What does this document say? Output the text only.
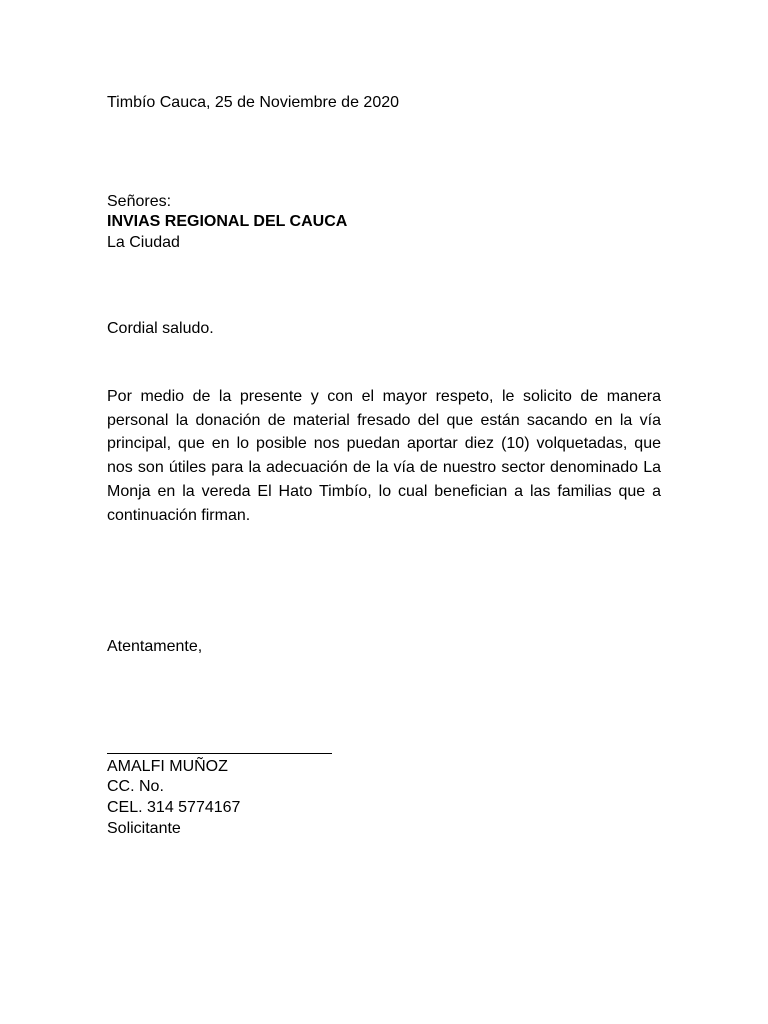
Timbío Cauca, 25 de Noviembre de 2020

Señores:

INVIAS REGIONAL DEL CAUCA

La Ciudad

Cordial saludo.

Por medio de la presente y con el mayor respeto, le solicito de manera personal la donación de material fresado del que están sacando en la vía principal, que en lo posible nos puedan aportar diez (10) volquetadas, que nos son útiles para la adecuación de la vía de nuestro sector denominado La Monja en la vereda El Hato Timbío, lo cual benefician a las familias que a continuación firman.

Atentamente,

AMALFI MUÑOZ

CC. No.

CEL. 314 5774167

Solicitante
